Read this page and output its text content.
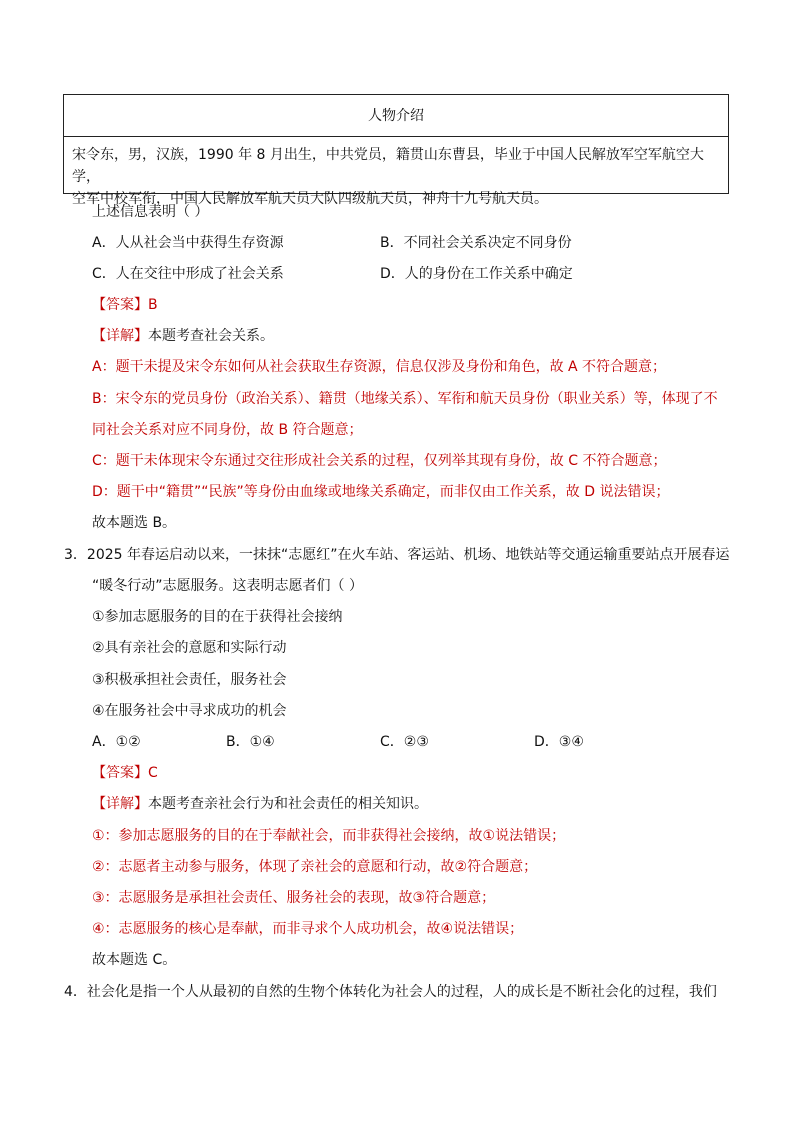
人物介绍
宋令东，男，汉族，1990 年 8 月出生，中共党员，籍贯山东曹县，毕业于中国人民解放军空军航空大学，
空军中校军衔，中国人民解放军航天员大队四级航天员，神舟十九号航天员。
上述信息表明（ ）
A．人从社会当中获得生存资源	B．不同社会关系决定不同身份
C．人在交往中形成了社会关系	D．人的身份在工作关系中确定
【答案】B
【详解】本题考查社会关系。
A：题干未提及宋令东如何从社会获取生存资源，信息仅涉及身份和角色，故 A 不符合题意；
B：宋令东的党员身份（政治关系）、籍贯（地缘关系）、军衔和航天员身份（职业关系）等，体现了不
同社会关系对应不同身份，故 B 符合题意；
C：题干未体现宋令东通过交往形成社会关系的过程，仅列举其现有身份，故 C 不符合题意；
D：题干中“籍贯”“民族”等身份由血缘或地缘关系确定，而非仅由工作关系，故 D 说法错误；
故本题选 B。
3．2025 年春运启动以来，一抹抹“志愿红”在火车站、客运站、机场、地铁站等交通运输重要站点开展春运
“暖冬行动”志愿服务。这表明志愿者们（ ）
①参加志愿服务的目的在于获得社会接纳
②具有亲社会的意愿和实际行动
③积极承担社会责任，服务社会
④在服务社会中寻求成功的机会
A．①②	B．①④	C．②③	D．③④
【答案】C
【详解】本题考查亲社会行为和社会责任的相关知识。
①：参加志愿服务的目的在于奉献社会，而非获得社会接纳，故①说法错误；
②：志愿者主动参与服务，体现了亲社会的意愿和行动，故②符合题意；
③：志愿服务是承担社会责任、服务社会的表现，故③符合题意；
④：志愿服务的核心是奉献，而非寻求个人成功机会，故④说法错误；
故本题选 C。
4．社会化是指一个人从最初的自然的生物个体转化为社会人的过程，人的成长是不断社会化的过程，我们
